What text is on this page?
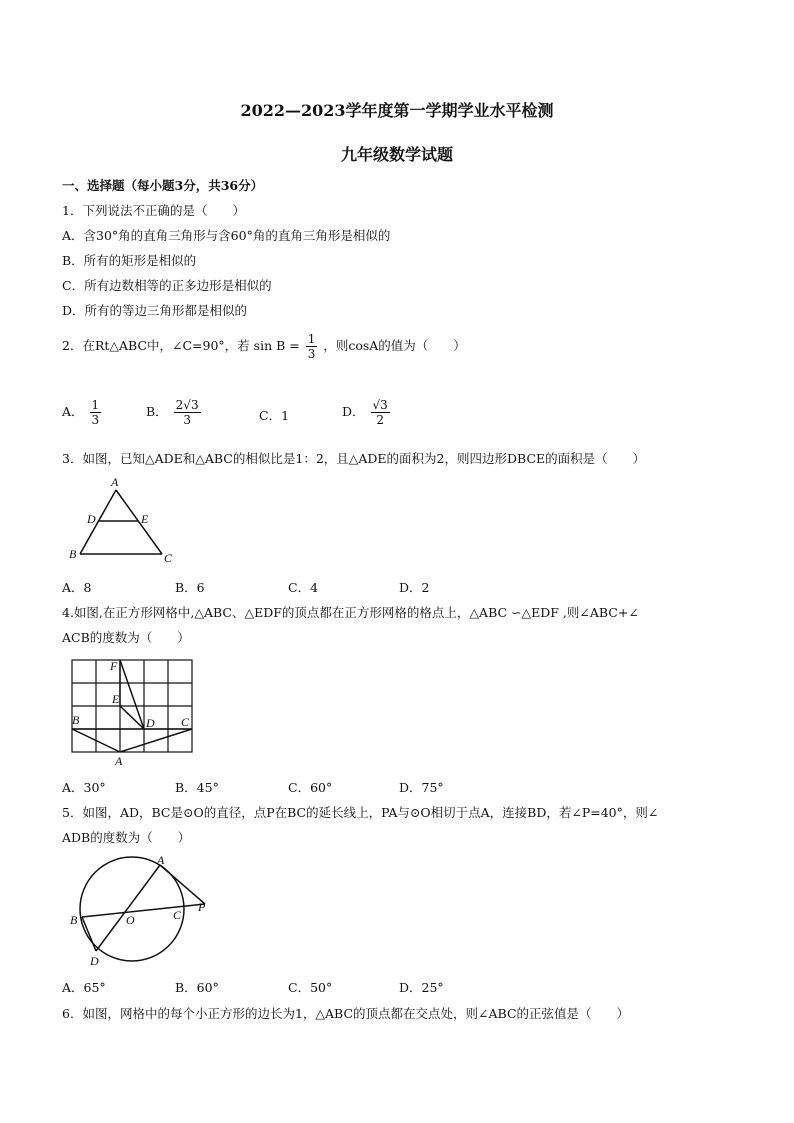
2022—2023学年度第一学期学业水平检测
九年级数学试题
一、选择题（每小题3分，共36分）
1．下列说法不正确的是（　　）
A．含30°角的直角三角形与含60°角的直角三角形是相似的
B．所有的矩形是相似的
C．所有边数相等的正多边形是相似的
D．所有的等边三角形都是相似的
2．在Rt△ABC中，∠C=90°，若 $\sin B = \frac{1}{3}$ ，则cosA的值为（　　）
A． $\frac{1}{3}$	B． $\frac{2√3}{3}$	C．1	D． $\frac{√3}{2}$
3．如图，已知△ADE和△ABC的相似比是1：2，且△ADE的面积为2，则四边形DBCE的面积是（　　）
A
D	E
B	C
A．8	B．6	C．4	D．2
4.如图,在正方形网格中,△ABC、△EDF的顶点都在正方形网格的格点上，△ABC ∽△EDF ,则∠ABC+∠
ACB的度数为（　　）
F
E
B	D C
A
A．30°	B．45°	C．60°	D．75°
5．如图，AD，BC是⊙O的直径，点P在BC的延长线上，PA与⊙O相切于点A，连接BD，若∠P=40°，则∠
ADB的度数为（　　）
A
B	O	C
P
D
A．65°	B．60°	C．50°	D．25°
6．如图，网格中的每个小正方形的边长为1，△ABC的顶点都在交点处，则∠ABC的正弦值是（　　）
